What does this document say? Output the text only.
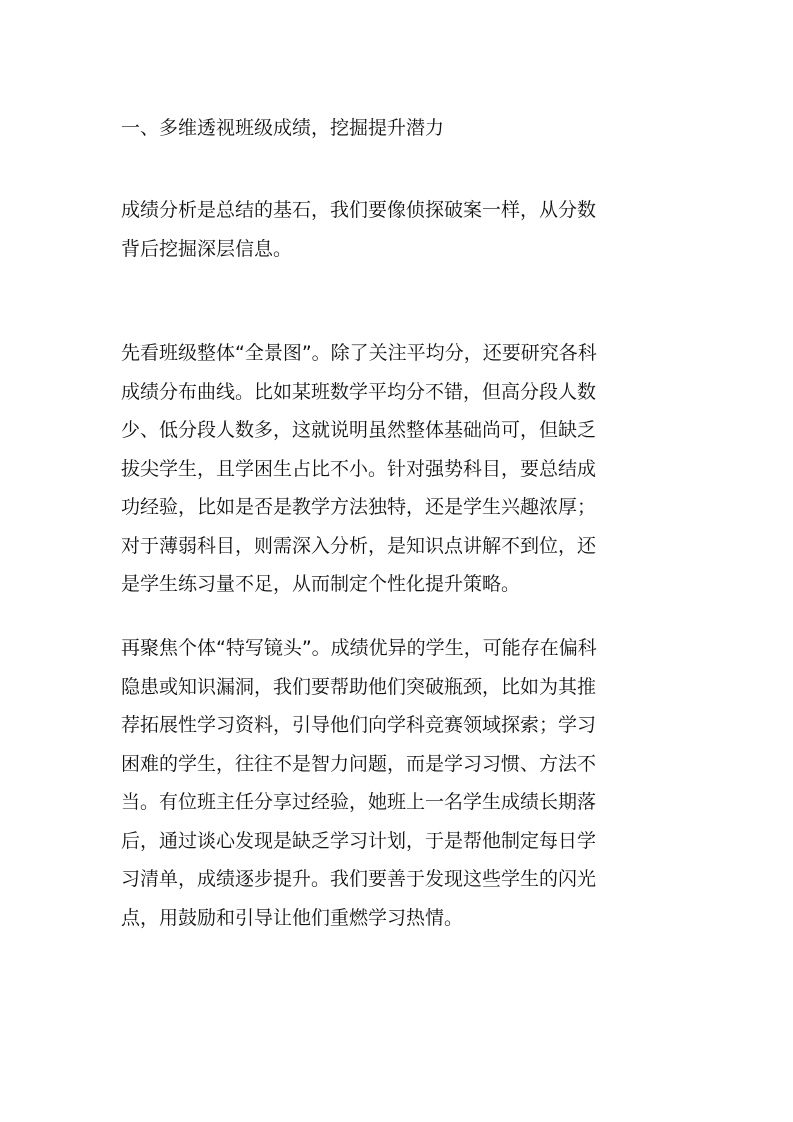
一、多维透视班级成绩，挖掘提升潜力

成绩分析是总结的基石，我们要像侦探破案一样，从分数
背后挖掘深层信息。

先看班级整体“全景图”。除了关注平均分，还要研究各科
成绩分布曲线。比如某班数学平均分不错，但高分段人数
少、低分段人数多，这就说明虽然整体基础尚可，但缺乏
拔尖学生，且学困生占比不小。针对强势科目，要总结成
功经验，比如是否是教学方法独特，还是学生兴趣浓厚；
对于薄弱科目，则需深入分析，是知识点讲解不到位，还
是学生练习量不足，从而制定个性化提升策略。

再聚焦个体“特写镜头”。成绩优异的学生，可能存在偏科
隐患或知识漏洞，我们要帮助他们突破瓶颈，比如为其推
荐拓展性学习资料，引导他们向学科竞赛领域探索；学习
困难的学生，往往不是智力问题，而是学习习惯、方法不
当。有位班主任分享过经验，她班上一名学生成绩长期落
后，通过谈心发现是缺乏学习计划，于是帮他制定每日学
习清单，成绩逐步提升。我们要善于发现这些学生的闪光
点，用鼓励和引导让他们重燃学习热情。
